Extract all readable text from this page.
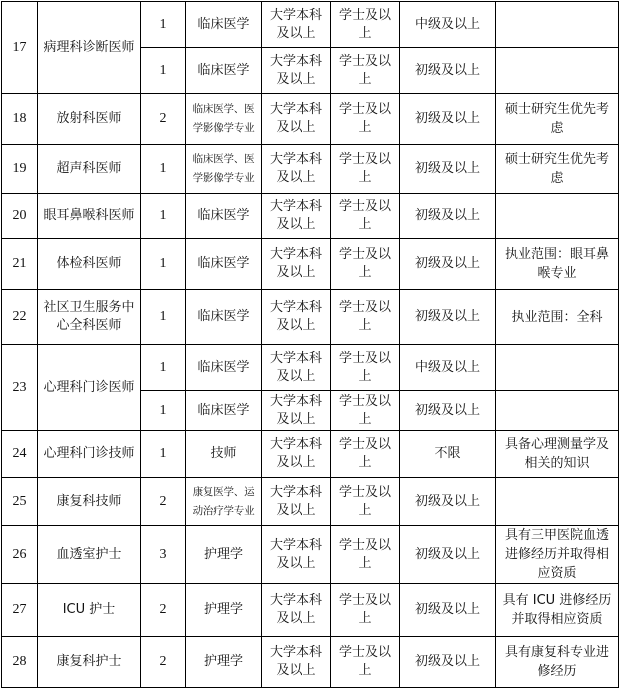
17	病理科诊断医师	1	临床医学	大学本科及以上	学士及以上	中级及以上	
		1	临床医学	大学本科及以上	学士及以上	初级及以上	
18	放射科医师	2	临床医学、医学影像学专业	大学本科及以上	学士及以上	初级及以上	硕士研究生优先考虑
19	超声科医师	1	临床医学、医学影像学专业	大学本科及以上	学士及以上	初级及以上	硕士研究生优先考虑
20	眼耳鼻喉科医师	1	临床医学	大学本科及以上	学士及以上	初级及以上	
21	体检科医师	1	临床医学	大学本科及以上	学士及以上	初级及以上	执业范围：眼耳鼻喉专业
22	社区卫生服务中心全科医师	1	临床医学	大学本科及以上	学士及以上	初级及以上	执业范围：全科
23	心理科门诊医师	1	临床医学	大学本科及以上	学士及以上	中级及以上	
		1	临床医学	大学本科及以上	学士及以上	初级及以上	
24	心理科门诊技师	1	技师	大学本科及以上	学士及以上	不限	具备心理测量学及相关的知识
25	康复科技师	2	康复医学、运动治疗学专业	大学本科及以上	学士及以上	初级及以上	
26	血透室护士	3	护理学	大学本科及以上	学士及以上	初级及以上	具有三甲医院血透进修经历并取得相应资质
27	ICU 护士	2	护理学	大学本科及以上	学士及以上	初级及以上	具有 ICU 进修经历并取得相应资质
28	康复科护士	2	护理学	大学本科及以上	学士及以上	初级及以上	具有康复科专业进修经历
